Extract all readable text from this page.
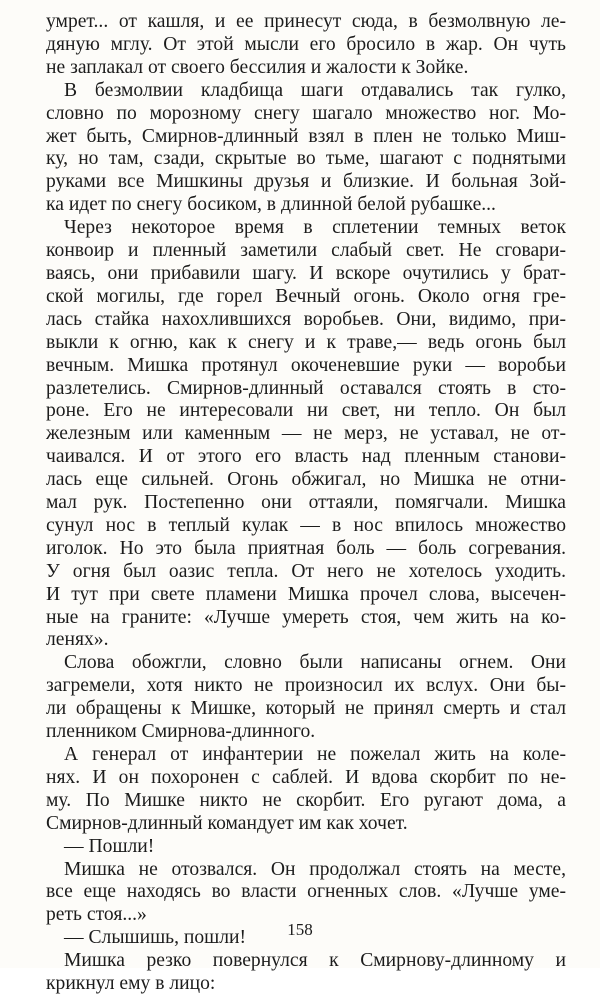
умрет... от кашля, и ее принесут сюда, в безмолвную ле-
дяную мглу. От этой мысли его бросило в жар. Он чуть
не заплакал от своего бессилия и жалости к Зойке.
В безмолвии кладбища шаги отдавались так гулко,
словно по морозному снегу шагало множество ног. Мо-
жет быть, Смирнов-длинный взял в плен не только Миш-
ку, но там, сзади, скрытые во тьме, шагают с поднятыми
руками все Мишкины друзья и близкие. И больная Зой-
ка идет по снегу босиком, в длинной белой рубашке...
Через некоторое время в сплетении темных веток
конвоир и пленный заметили слабый свет. Не сговари-
ваясь, они прибавили шагу. И вскоре очутились у брат-
ской могилы, где горел Вечный огонь. Около огня гре-
лась стайка нахохлившихся воробьев. Они, видимо, при-
выкли к огню, как к снегу и к траве,— ведь огонь был
вечным. Мишка протянул окоченевшие руки — воробьи
разлетелись. Смирнов-длинный оставался стоять в сто-
роне. Его не интересовали ни свет, ни тепло. Он был
железным или каменным — не мерз, не уставал, не от-
чаивался. И от этого его власть над пленным станови-
лась еще сильней. Огонь обжигал, но Мишка не отни-
мал рук. Постепенно они оттаяли, помягчали. Мишка
сунул нос в теплый кулак — в нос впилось множество
иголок. Но это была приятная боль — боль согревания.
У огня был оазис тепла. От него не хотелось уходить.
И тут при свете пламени Мишка прочел слова, высечен-
ные на граните: «Лучше умереть стоя, чем жить на ко-
ленях».
Слова обожгли, словно были написаны огнем. Они
загремели, хотя никто не произносил их вслух. Они бы-
ли обращены к Мишке, который не принял смерть и стал
пленником Смирнова-длинного.
А генерал от инфантерии не пожелал жить на коле-
нях. И он похоронен с саблей. И вдова скорбит по не-
му. По Мишке никто не скорбит. Его ругают дома, а
Смирнов-длинный командует им как хочет.
— Пошли!
Мишка не отозвался. Он продолжал стоять на месте,
все еще находясь во власти огненных слов. «Лучше уме-
реть стоя...»
— Слышишь, пошли!
Мишка резко повернулся к Смирнову-длинному и
крикнул ему в лицо:
158
